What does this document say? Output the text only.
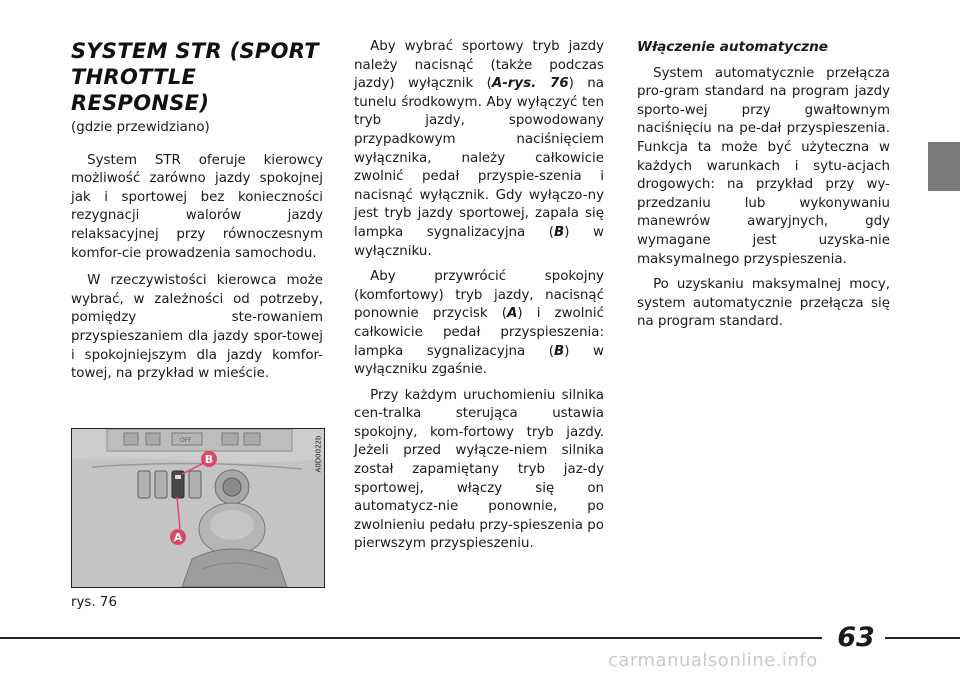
SYSTEM STR (SPORT
THROTTLE RESPONSE)
(gdzie przewidziano)

System STR oferuje kierowcy możliwość zarówno jazdy spokojnej jak i sportowej bez konieczności rezygnacji walorów jazdy relaksacyjnej przy równoczesnym komfor-cie prowadzenia samochodu.

W rzeczywistości kierowca może wybrać, w zależności od potrzeby, pomiędzy ste-rowaniem przyspieszaniem dla jazdy spor-towej i spokojniejszym dla jazdy komfor-towej, na przykład w mieście.

Aby wybrać sportowy tryb jazdy należy nacisnąć (także podczas jazdy) wyłącznik (A-rys. 76) na tunelu środkowym. Aby wyłączyć ten tryb jazdy, spowodowany przypadkowym naciśnięciem wyłącznika, należy całkowicie zwolnić pedał przyspie-szenia i nacisnąć wyłącznik. Gdy wyłączo-ny jest tryb jazdy sportowej, zapala się lampka sygnalizacyjna (B) w wyłączniku.

Aby przywrócić spokojny (komfortowy) tryb jazdy, nacisnąć ponownie przycisk (A) i zwolnić całkowicie pedał przyspieszenia: lampka sygnalizacyjna (B) w wyłączniku zgaśnie.

Przy każdym uruchomieniu silnika cen-tralka sterująca ustawia spokojny, kom-fortowy tryb jazdy. Jeżeli przed wyłącze-niem silnika został zapamiętany tryb jaz-dy sportowej, włączy się on automatycz-nie ponownie, po zwolnieniu pedału przy-spieszenia po pierwszym przyspieszeniu.

Włączenie automatyczne

System automatycznie przełącza pro-gram standard na program jazdy sporto-wej przy gwałtownym naciśnięciu na pe-dał przyspieszenia. Funkcja ta może być użyteczna w każdych warunkach i sytu-acjach drogowych: na przykład przy wy-przedzaniu lub wykonywaniu manewrów awaryjnych, gdy wymagane jest uzyska-nie maksymalnego przyspieszenia.

Po uzyskaniu maksymalnej mocy, system automatycznie przełącza się na program standard.

OFF
B
A
A0D0022b
rys. 76
63
carmanualsonline.info
